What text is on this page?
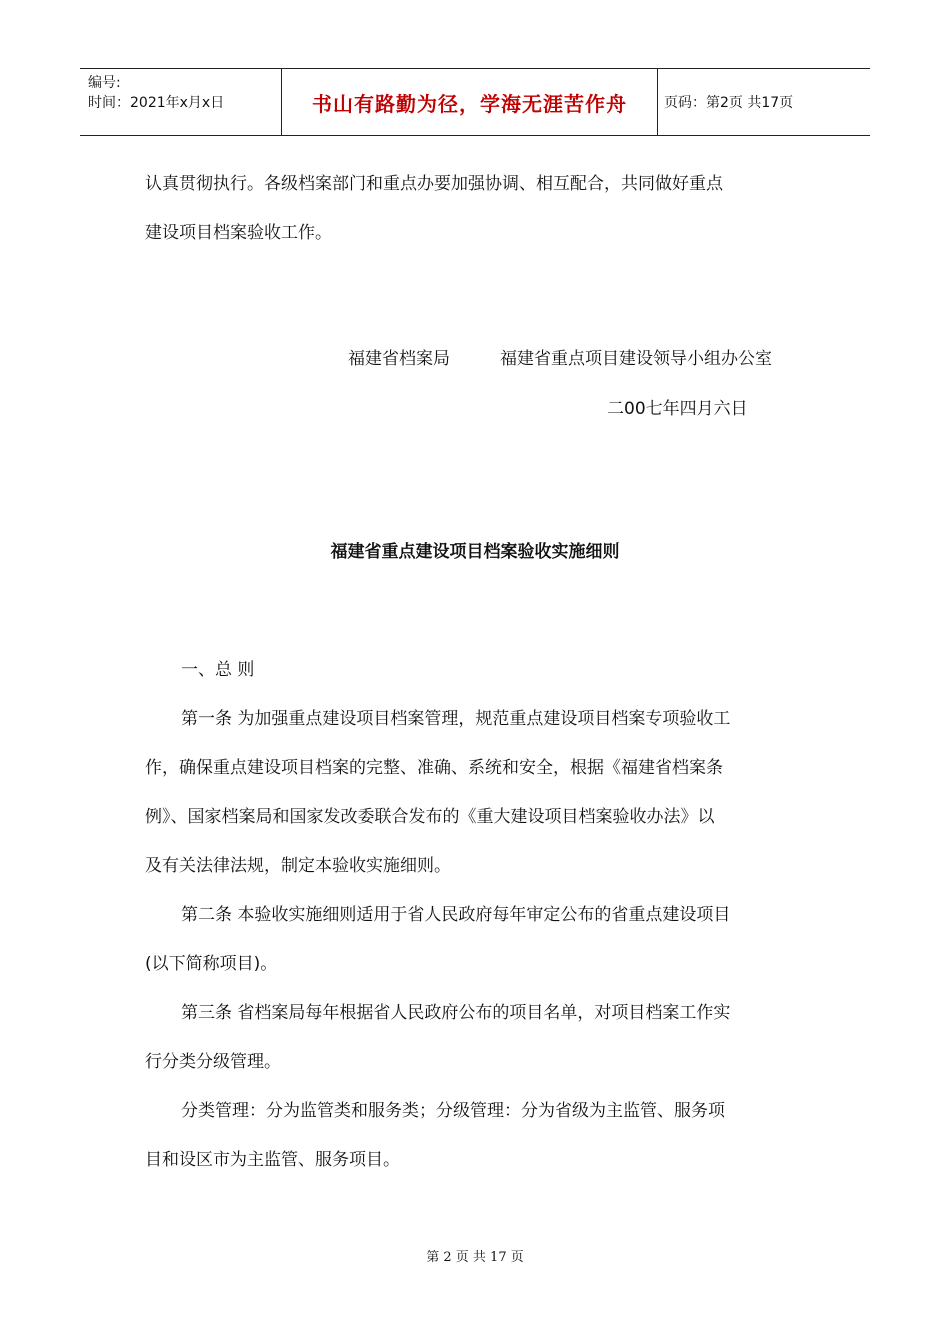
编号:
时间：2021年x月x日	书山有路勤为径，学海无涯苦作舟	页码：第2页 共17页

认真贯彻执行。各级档案部门和重点办要加强协调、相互配合，共同做好重点

建设项目档案验收工作。

福建省档案局	福建省重点项目建设领导小组办公室
二00七年四月六日
福建省重点建设项目档案验收实施细则

一、总 则

第一条 为加强重点建设项目档案管理，规范重点建设项目档案专项验收工

作，确保重点建设项目档案的完整、准确、系统和安全，根据《福建省档案条

例》、国家档案局和国家发改委联合发布的《重大建设项目档案验收办法》以

及有关法律法规，制定本验收实施细则。

第二条 本验收实施细则适用于省人民政府每年审定公布的省重点建设项目

(以下简称项目)。

第三条 省档案局每年根据省人民政府公布的项目名单，对项目档案工作实

行分类分级管理。

分类管理：分为监管类和服务类；分级管理：分为省级为主监管、服务项

目和设区市为主监管、服务项目。

第 2 页 共 17 页
